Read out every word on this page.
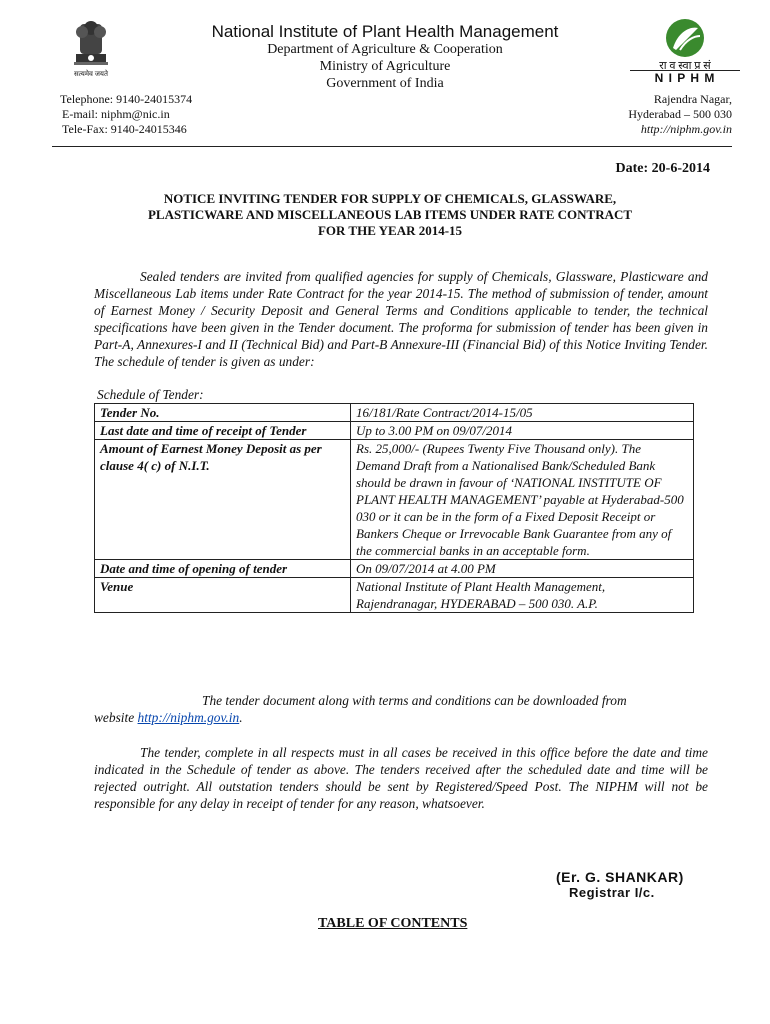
सत्यमेव जयते
रा व स्वा प्र सं
N I P H M
National Institute of Plant Health Management
Department of Agriculture & Cooperation
Ministry of Agriculture
Government of India
Telephone: 9140-24015374
E-mail: niphm@nic.in
Tele-Fax: 9140-24015346
Rajendra Nagar,
Hyderabad – 500 030
http://niphm.gov.in
Date: 20-6-2014
NOTICE INVITING TENDER FOR SUPPLY OF CHEMICALS, GLASSWARE,
PLASTICWARE AND MISCELLANEOUS LAB ITEMS UNDER RATE CONTRACT
FOR THE YEAR 2014-15
Sealed tenders are invited from qualified agencies for supply of Chemicals, Glassware, Plasticware and Miscellaneous Lab items under Rate Contract for the year 2014-15. The method of submission of tender, amount of Earnest Money / Security Deposit and General Terms and Conditions applicable to tender, the technical specifications have been given in the Tender document. The proforma for submission of tender has been given in Part-A, Annexures-I and II (Technical Bid) and Part-B Annexure-III (Financial Bid) of this Notice Inviting Tender. The schedule of tender is given as under:
Schedule of Tender:
Tender No.	16/181/Rate Contract/2014-15/05
Last date and time of receipt of Tender	Up to 3.00 PM on 09/07/2014
Amount of Earnest Money Deposit as per clause 4( c) of N.I.T.	Rs. 25,000/- (Rupees Twenty Five Thousand only). The Demand Draft from a Nationalised Bank/Scheduled Bank should be drawn in favour of ‘NATIONAL INSTITUTE OF PLANT HEALTH MANAGEMENT’ payable at Hyderabad-500 030 or it can be in the form of a Fixed Deposit Receipt or Bankers Cheque or Irrevocable Bank Guarantee from any of the commercial banks in an acceptable form.
Date and time of opening of tender	On 09/07/2014 at 4.00 PM
Venue	National Institute of Plant Health Management, Rajendranagar, HYDERABAD – 500 030. A.P.
The tender document along with terms and conditions can be downloaded from
website http://niphm.gov.in.
The tender, complete in all respects must in all cases be received in this office before the date and time indicated in the Schedule of tender as above. The tenders received after the scheduled date and time will be rejected outright. All outstation tenders should be sent by Registered/Speed Post. The NIPHM will not be responsible for any delay in receipt of tender for any reason, whatsoever.
(Er. G. SHANKAR)
Registrar I/c.
TABLE OF CONTENTS
